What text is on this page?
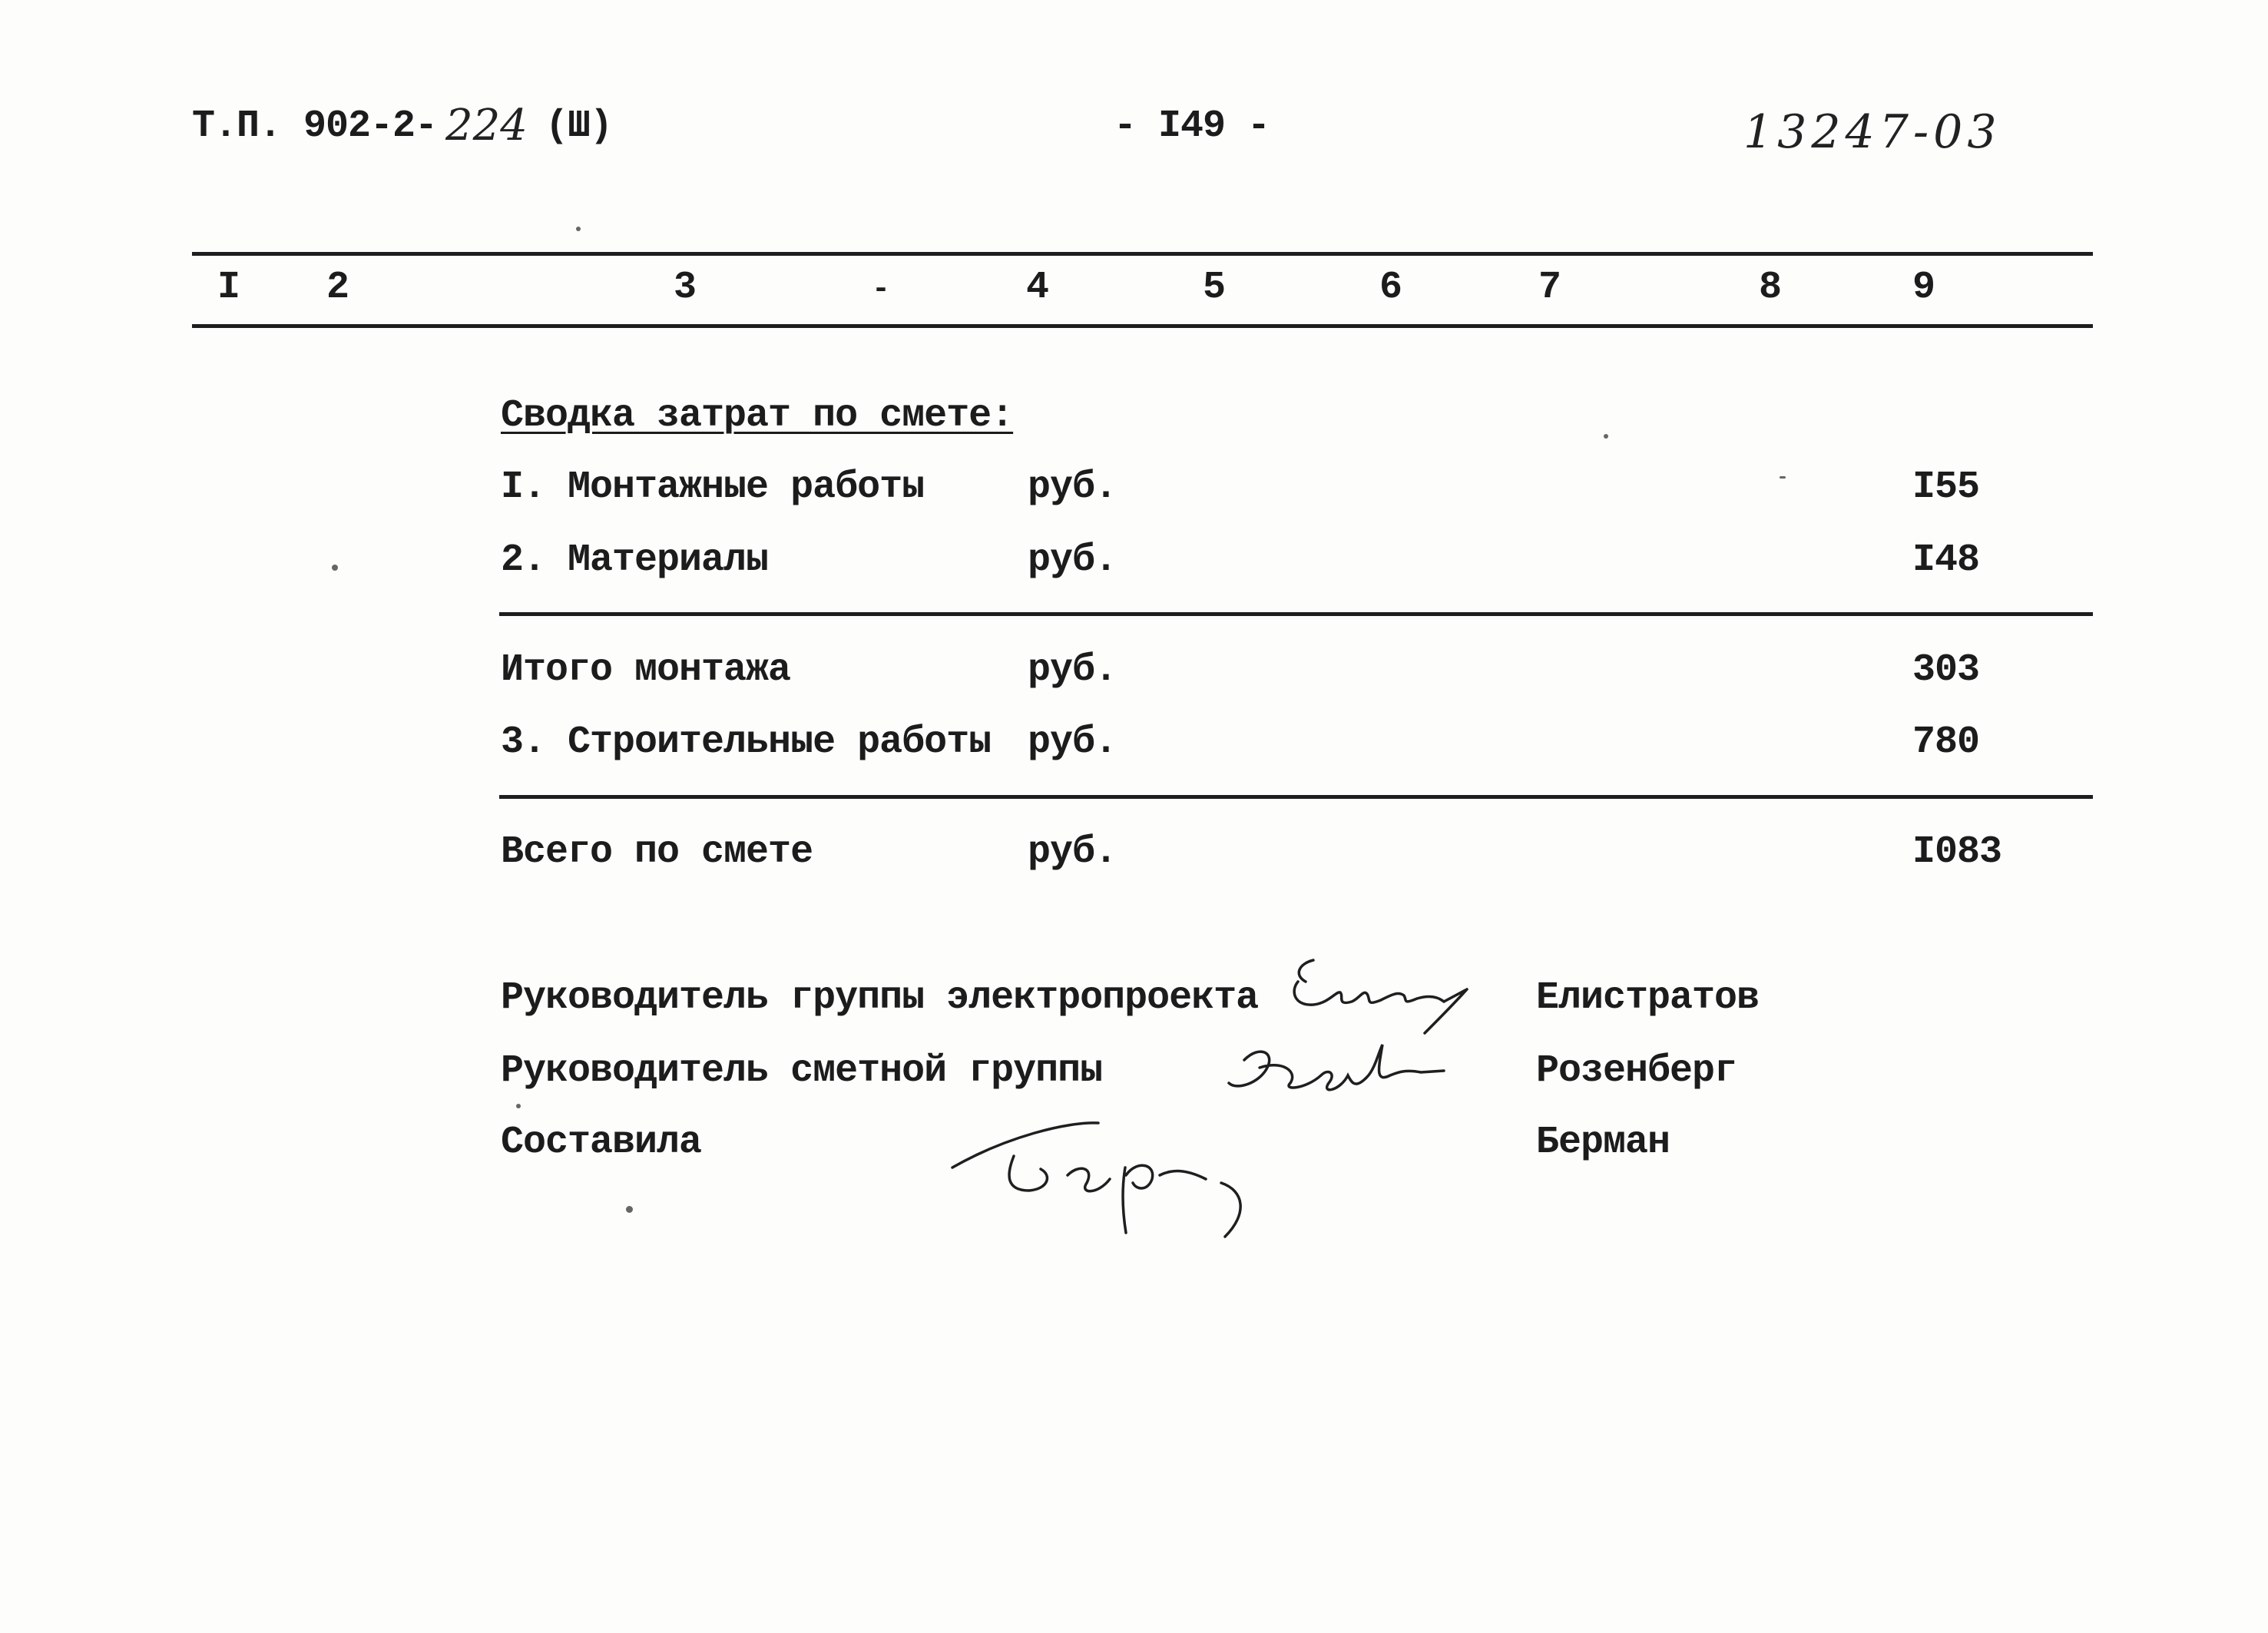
Т.П. 902-2- 224 (Ш)	- I49 -	13247-03
I 2	3	-	4	5	6	7	8	9
Сводка затрат по смете:
I. Монтажные работы	руб.	I55
2. Материалы	руб.	I48
Итого монтажа	руб.	303
3. Строительные работы руб.	780
Всего по смете	руб.	I083
Руководитель группы электропроекта	Елистратов
Руководитель сметной группы	Розенберг
Составила	Берман
